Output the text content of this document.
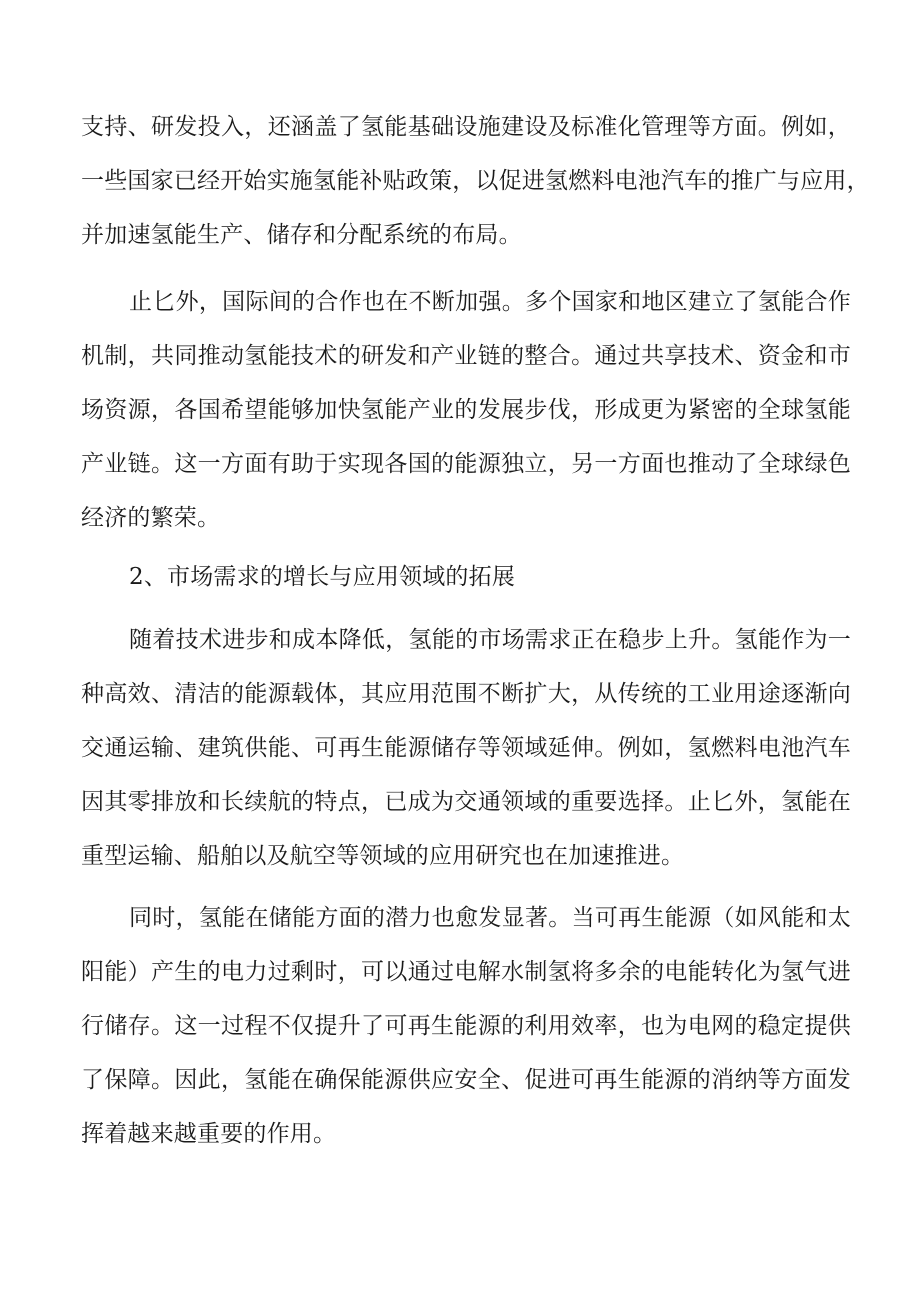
支持、研发投入，还涵盖了氢能基础设施建设及标准化管理等方面。例如，

一些国家已经开始实施氢能补贴政策，以促进氢燃料电池汽车的推广与应用，

并加速氢能生产、储存和分配系统的布局。

止匕外，国际间的合作也在不断加强。多个国家和地区建立了氢能合作

机制，共同推动氢能技术的研发和产业链的整合。通过共享技术、资金和市

场资源，各国希望能够加快氢能产业的发展步伐，形成更为紧密的全球氢能

产业链。这一方面有助于实现各国的能源独立，另一方面也推动了全球绿色

经济的繁荣。

2、市场需求的增长与应用领域的拓展

随着技术进步和成本降低，氢能的市场需求正在稳步上升。氢能作为一

种高效、清洁的能源载体，其应用范围不断扩大，从传统的工业用途逐渐向

交通运输、建筑供能、可再生能源储存等领域延伸。例如，氢燃料电池汽车

因其零排放和长续航的特点，已成为交通领域的重要选择。止匕外，氢能在

重型运输、船舶以及航空等领域的应用研究也在加速推进。

同时，氢能在储能方面的潜力也愈发显著。当可再生能源（如风能和太

阳能）产生的电力过剩时，可以通过电解水制氢将多余的电能转化为氢气进

行储存。这一过程不仅提升了可再生能源的利用效率，也为电网的稳定提供

了保障。因此，氢能在确保能源供应安全、促进可再生能源的消纳等方面发

挥着越来越重要的作用。
